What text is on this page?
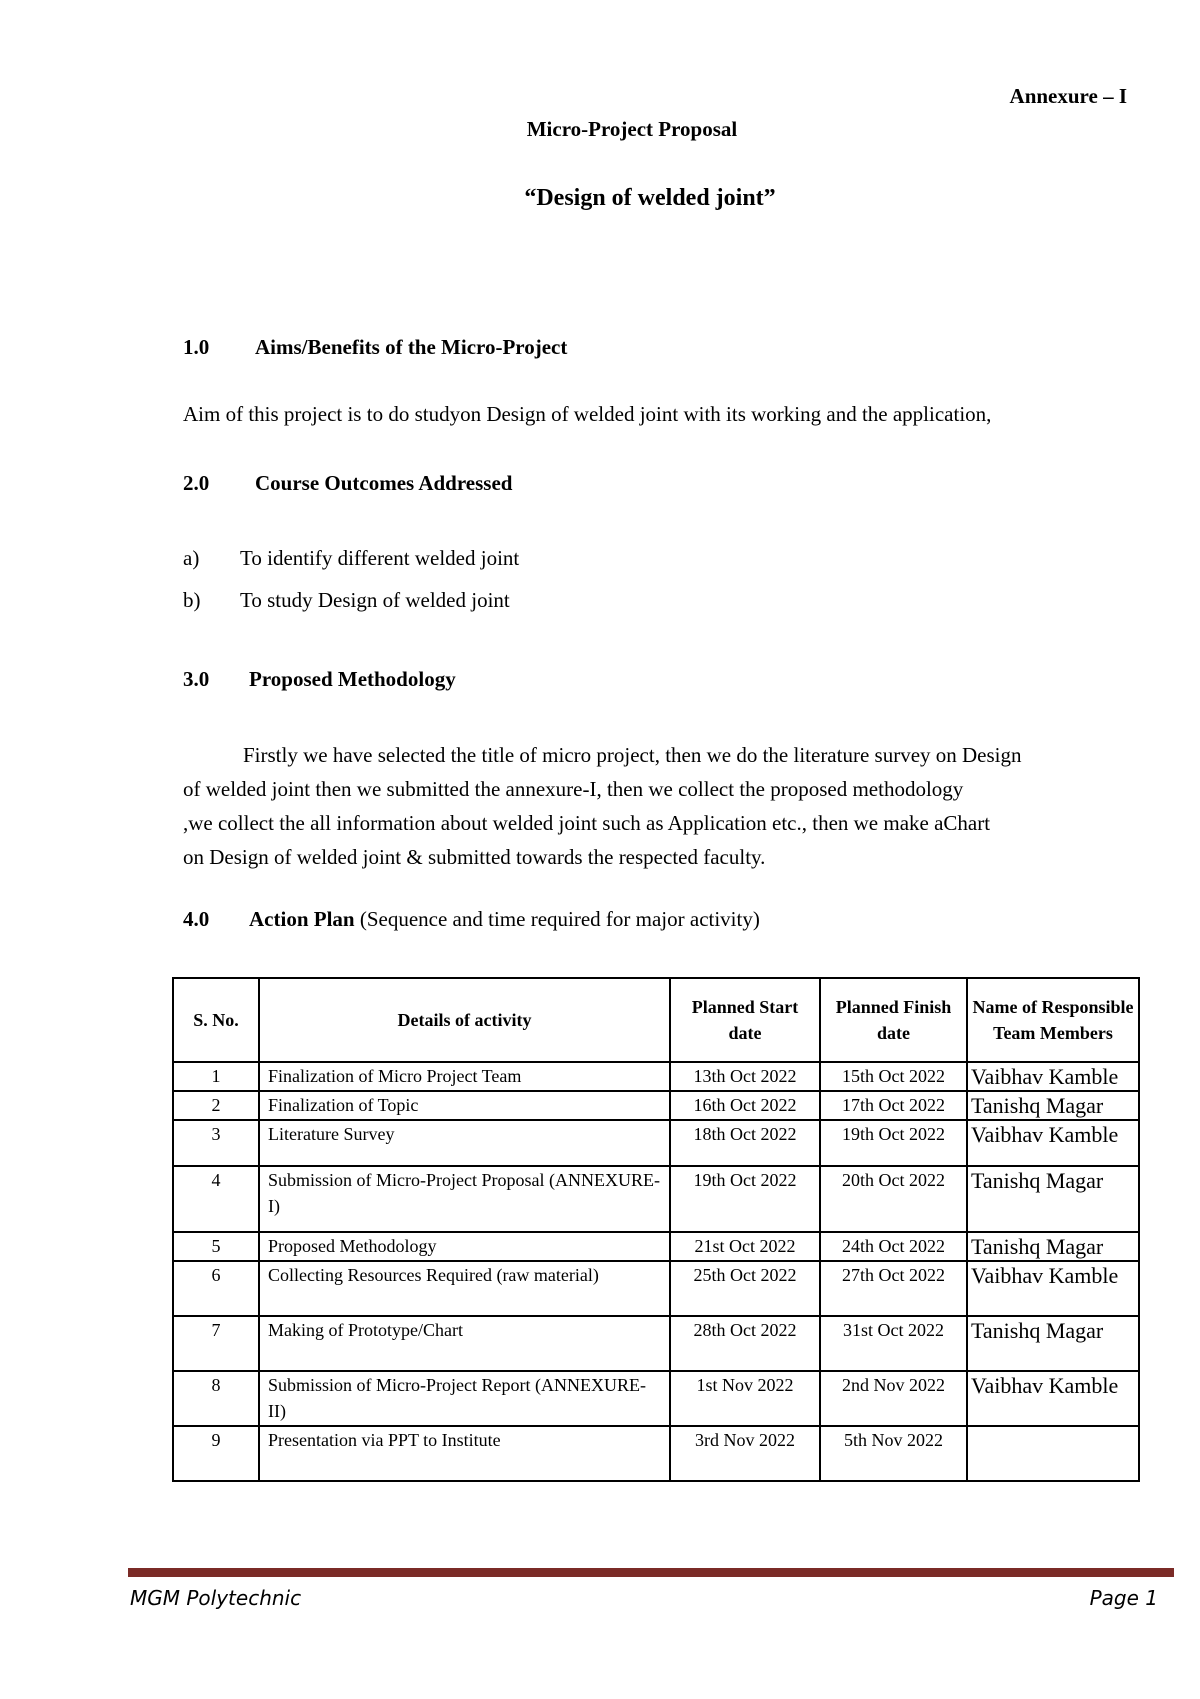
Annexure – I
Micro-Project Proposal
“Design of welded joint”
1.0 Aims/Benefits of the Micro-Project
Aim of this project is to do studyon Design of welded joint with its working and the application,
2.0 Course Outcomes Addressed
a) To identify different welded joint
b) To study Design of welded joint
3.0 Proposed Methodology
Firstly we have selected the title of micro project, then we do the literature survey on Design
of welded joint then we submitted the annexure-I, then we collect the proposed methodology
,we collect the all information about welded joint such as Application etc., then we make aChart
on Design of welded joint & submitted towards the respected faculty.
4.0 Action Plan (Sequence and time required for major activity)
S. No.	Details of activity	Planned Start date	Planned Finish date	Name of Responsible Team Members
1	Finalization of Micro Project Team	13th Oct 2022	15th Oct 2022	Vaibhav Kamble
2	Finalization of Topic	16th Oct 2022	17th Oct 2022	Tanishq Magar
3	Literature Survey	18th Oct 2022	19th Oct 2022	Vaibhav Kamble
4	Submission of Micro-Project Proposal (ANNEXURE-I)	19th Oct 2022	20th Oct 2022	Tanishq Magar
5	Proposed Methodology	21st Oct 2022	24th Oct 2022	Tanishq Magar
6	Collecting Resources Required (raw material)	25th Oct 2022	27th Oct 2022	Vaibhav Kamble
7	Making of Prototype/Chart	28th Oct 2022	31st Oct 2022	Tanishq Magar
8	Submission of Micro-Project Report (ANNEXURE-II)	1st Nov 2022	2nd Nov 2022	Vaibhav Kamble
9	Presentation via PPT to Institute	3rd Nov 2022	5th Nov 2022	
MGM Polytechnic	Page 1
